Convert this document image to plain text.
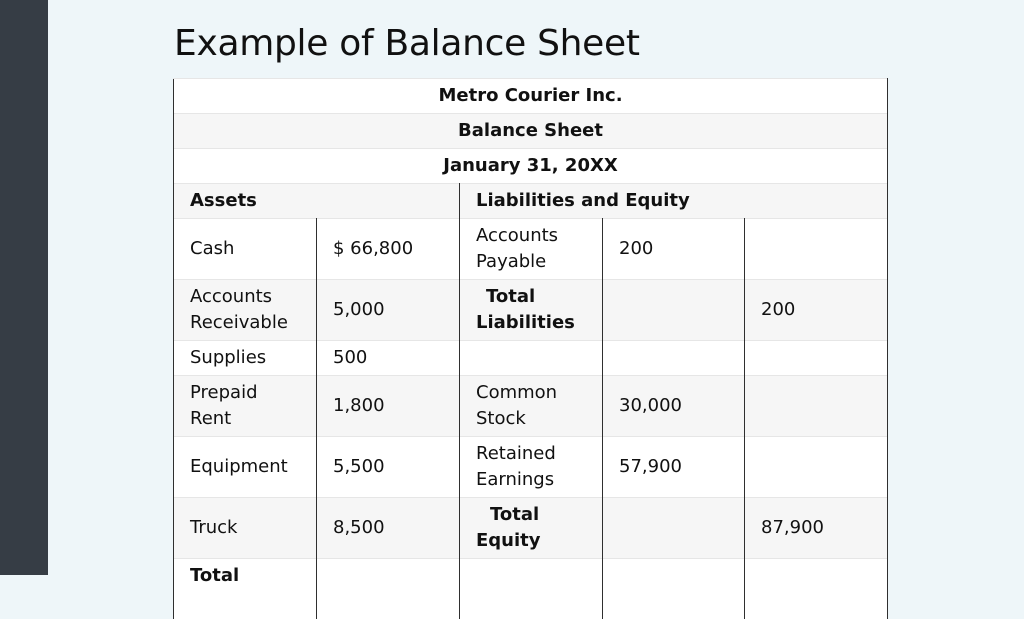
Example of Balance Sheet
Metro Courier Inc.				
Balance Sheet				
January 31, 20XX				
Assets		Liabilities and Equity		
Cash	$ 66,800	Accounts Payable	200	
Accounts Receivable	5,000	Total Liabilities		200
Supplies	500			
Prepaid Rent	1,800	Common Stock	30,000	
Equipment	5,500	Retained Earnings	57,900	
Truck	8,500	Total Equity		87,900
Total				
